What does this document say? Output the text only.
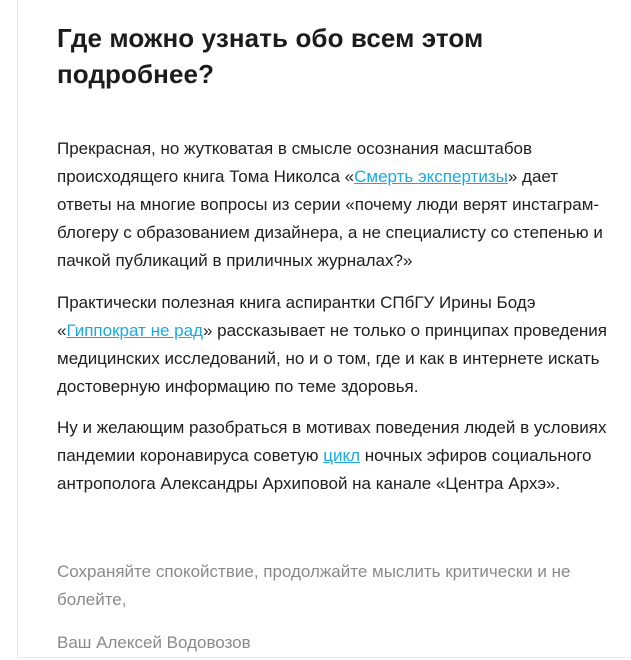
Где можно узнать обо всем этом подробнее?

Прекрасная, но жутковатая в смысле осознания масштабов происходящего книга Тома Николса «Смерть экспертизы» дает ответы на многие вопросы из серии «почему люди верят инстаграм-блогеру с образованием дизайнера, а не специалисту со степенью и пачкой публикаций в приличных журналах?»

Практически полезная книга аспирантки СПбГУ Ирины Бодэ «Гиппократ не рад» рассказывает не только о принципах проведения медицинских исследований, но и о том, где и как в интернете искать достоверную информацию по теме здоровья.

Ну и желающим разобраться в мотивах поведения людей в условиях пандемии коронавируса советую цикл ночных эфиров социального антрополога Александры Архиповой на канале «Центра Архэ».

Сохраняйте спокойствие, продолжайте мыслить критически и не болейте,

Ваш Алексей Водовозов
